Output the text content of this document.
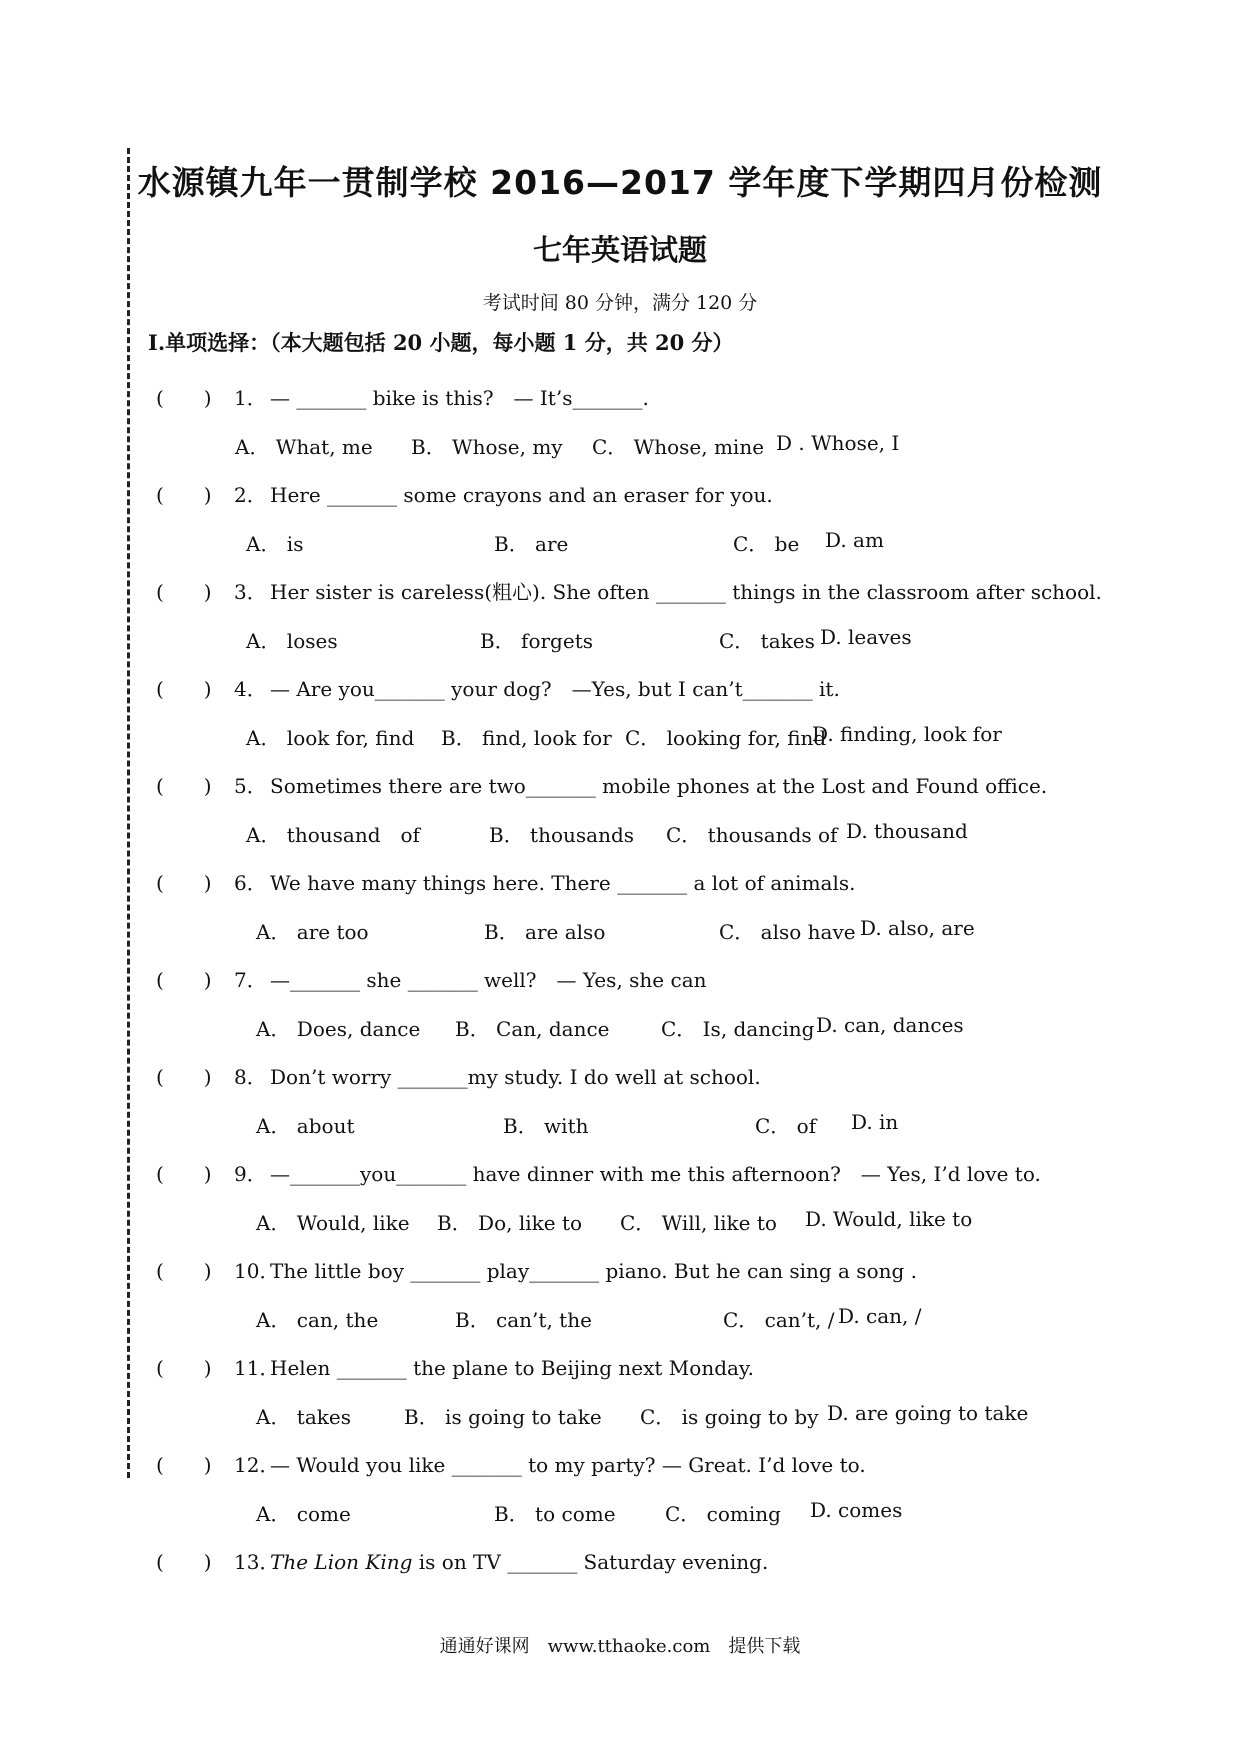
水源镇九年一贯制学校 2016—2017 学年度下学期四月份检测
七年英语试题
考试时间 80 分钟，满分 120 分
I.单项选择：（本大题包括 20 小题，每小题 1 分，共 20 分）
(　　) 1． — _______ bike is this?　— It’s_______.
A． What, me B． Whose, my C． Whose, mine D . Whose, I
(　　) 2． Here _______ some crayons and an eraser for you.
A． is	B． are	C． be D. am
(　　) 3． Her sister is careless(粗心). She often _______ things in the classroom after school.
A． loses	B． forgets	C． takes D. leaves
(　　) 4． — Are you_______ your dog?　—Yes, but I can’t_______ it.
A． look for, find B． find, look for C． looking for, find
D. finding, look for
(　　) 5． Sometimes there are two_______ mobile phones at the Lost and Found office.
A． thousand　of	B． thousands C． thousands of D. thousand
(　　) 6． We have many things here. There _______ a lot of animals.
A． are too	B． are also	C． also have D. also, are
(　　) 7． —_______ she _______ well?　— Yes, she can
A． Does, dance B． Can, dance	C． Is, dancing D. can, dances
(　　) 8． Don’t worry _______my study. I do well at school.
A． about	B． with	C． of D. in
(　　) 9． —_______you_______ have dinner with me this afternoon?　— Yes, I’d love to.
A． Would, like B． Do, like to C． Will, like to D. Would, like to
(　　) 10．The little boy _______ play_______ piano. But he can sing a song .
A． can, the	B． can’t, the	C． can’t, / D. can, /
(　　) 11．Helen _______ the plane to Beijing next Monday.
A． takes	B． is going to take C． is going to by D. are going to take
(　　) 12．— Would you like _______ to my party? — Great. I’d love to.
A． come	B． to come C． coming D. comes
(　　) 13．The Lion King is on TV _______ Saturday evening.
通通好课网　www.tthaoke.com　提供下载
